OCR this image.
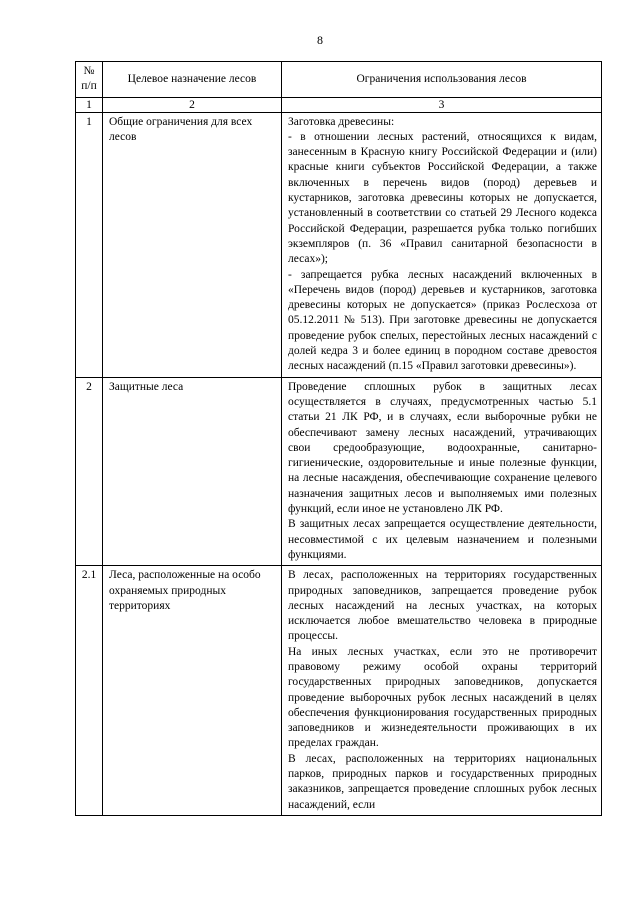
8
№ п/п	Целевое назначение лесов	Ограничения использования лесов
1	2	3
1	Общие ограничения для всех лесов	Заготовка древесины:

- в отношении лесных растений, относящихся к видам, занесенным в Красную книгу Российской Федерации и (или) красные книги субъектов Российской Федерации, а также включенных в перечень видов (пород) деревьев и кустарников, заготовка древесины которых не допускается, установленный в соответствии со статьей 29 Лесного кодекса Российской Федерации, разрешается рубка только погибших экземпляров (п. 36 «Правил санитарной безопасности в лесах»);

- запрещается рубка лесных насаждений включенных в «Перечень видов (пород) деревьев и кустарников, заготовка древесины которых не допускается» (приказ Рослесхоза от 05.12.2011 № 513). При заготовке древесины не допускается проведение рубок спелых, перестойных лесных насаждений с долей кедра 3 и более единиц в породном составе древостоя лесных насаждений (п.15 «Правил заготовки древесины»).

2	Защитные леса	Проведение сплошных рубок в защитных лесах осуществляется в случаях, предусмотренных частью 5.1 статьи 21 ЛК РФ, и в случаях, если выборочные рубки не обеспечивают замену лесных насаждений, утрачивающих свои средообразующие, водоохранные, санитарно-гигиенические, оздоровительные и иные полезные функции, на лесные насаждения, обеспечивающие сохранение целевого назначения защитных лесов и выполняемых ими полезных функций, если иное не установлено ЛК РФ.

В защитных лесах запрещается осуществление деятельности, несовместимой с их целевым назначением и полезными функциями.

2.1	Леса, расположенные на особо охраняемых природных территориях	В лесах, расположенных на территориях государственных природных заповедников, запрещается проведение рубок лесных насаждений на лесных участках, на которых исключается любое вмешательство человека в природные процессы.

На иных лесных участках, если это не противоречит правовому режиму особой охраны территорий государственных природных заповедников, допускается проведение выборочных рубок лесных насаждений в целях обеспечения функционирования государственных природных заповедников и жизнедеятельности проживающих в их пределах граждан.

В лесах, расположенных на территориях национальных парков, природных парков и государственных природных заказников, запрещается проведение сплошных рубок лесных насаждений, если
